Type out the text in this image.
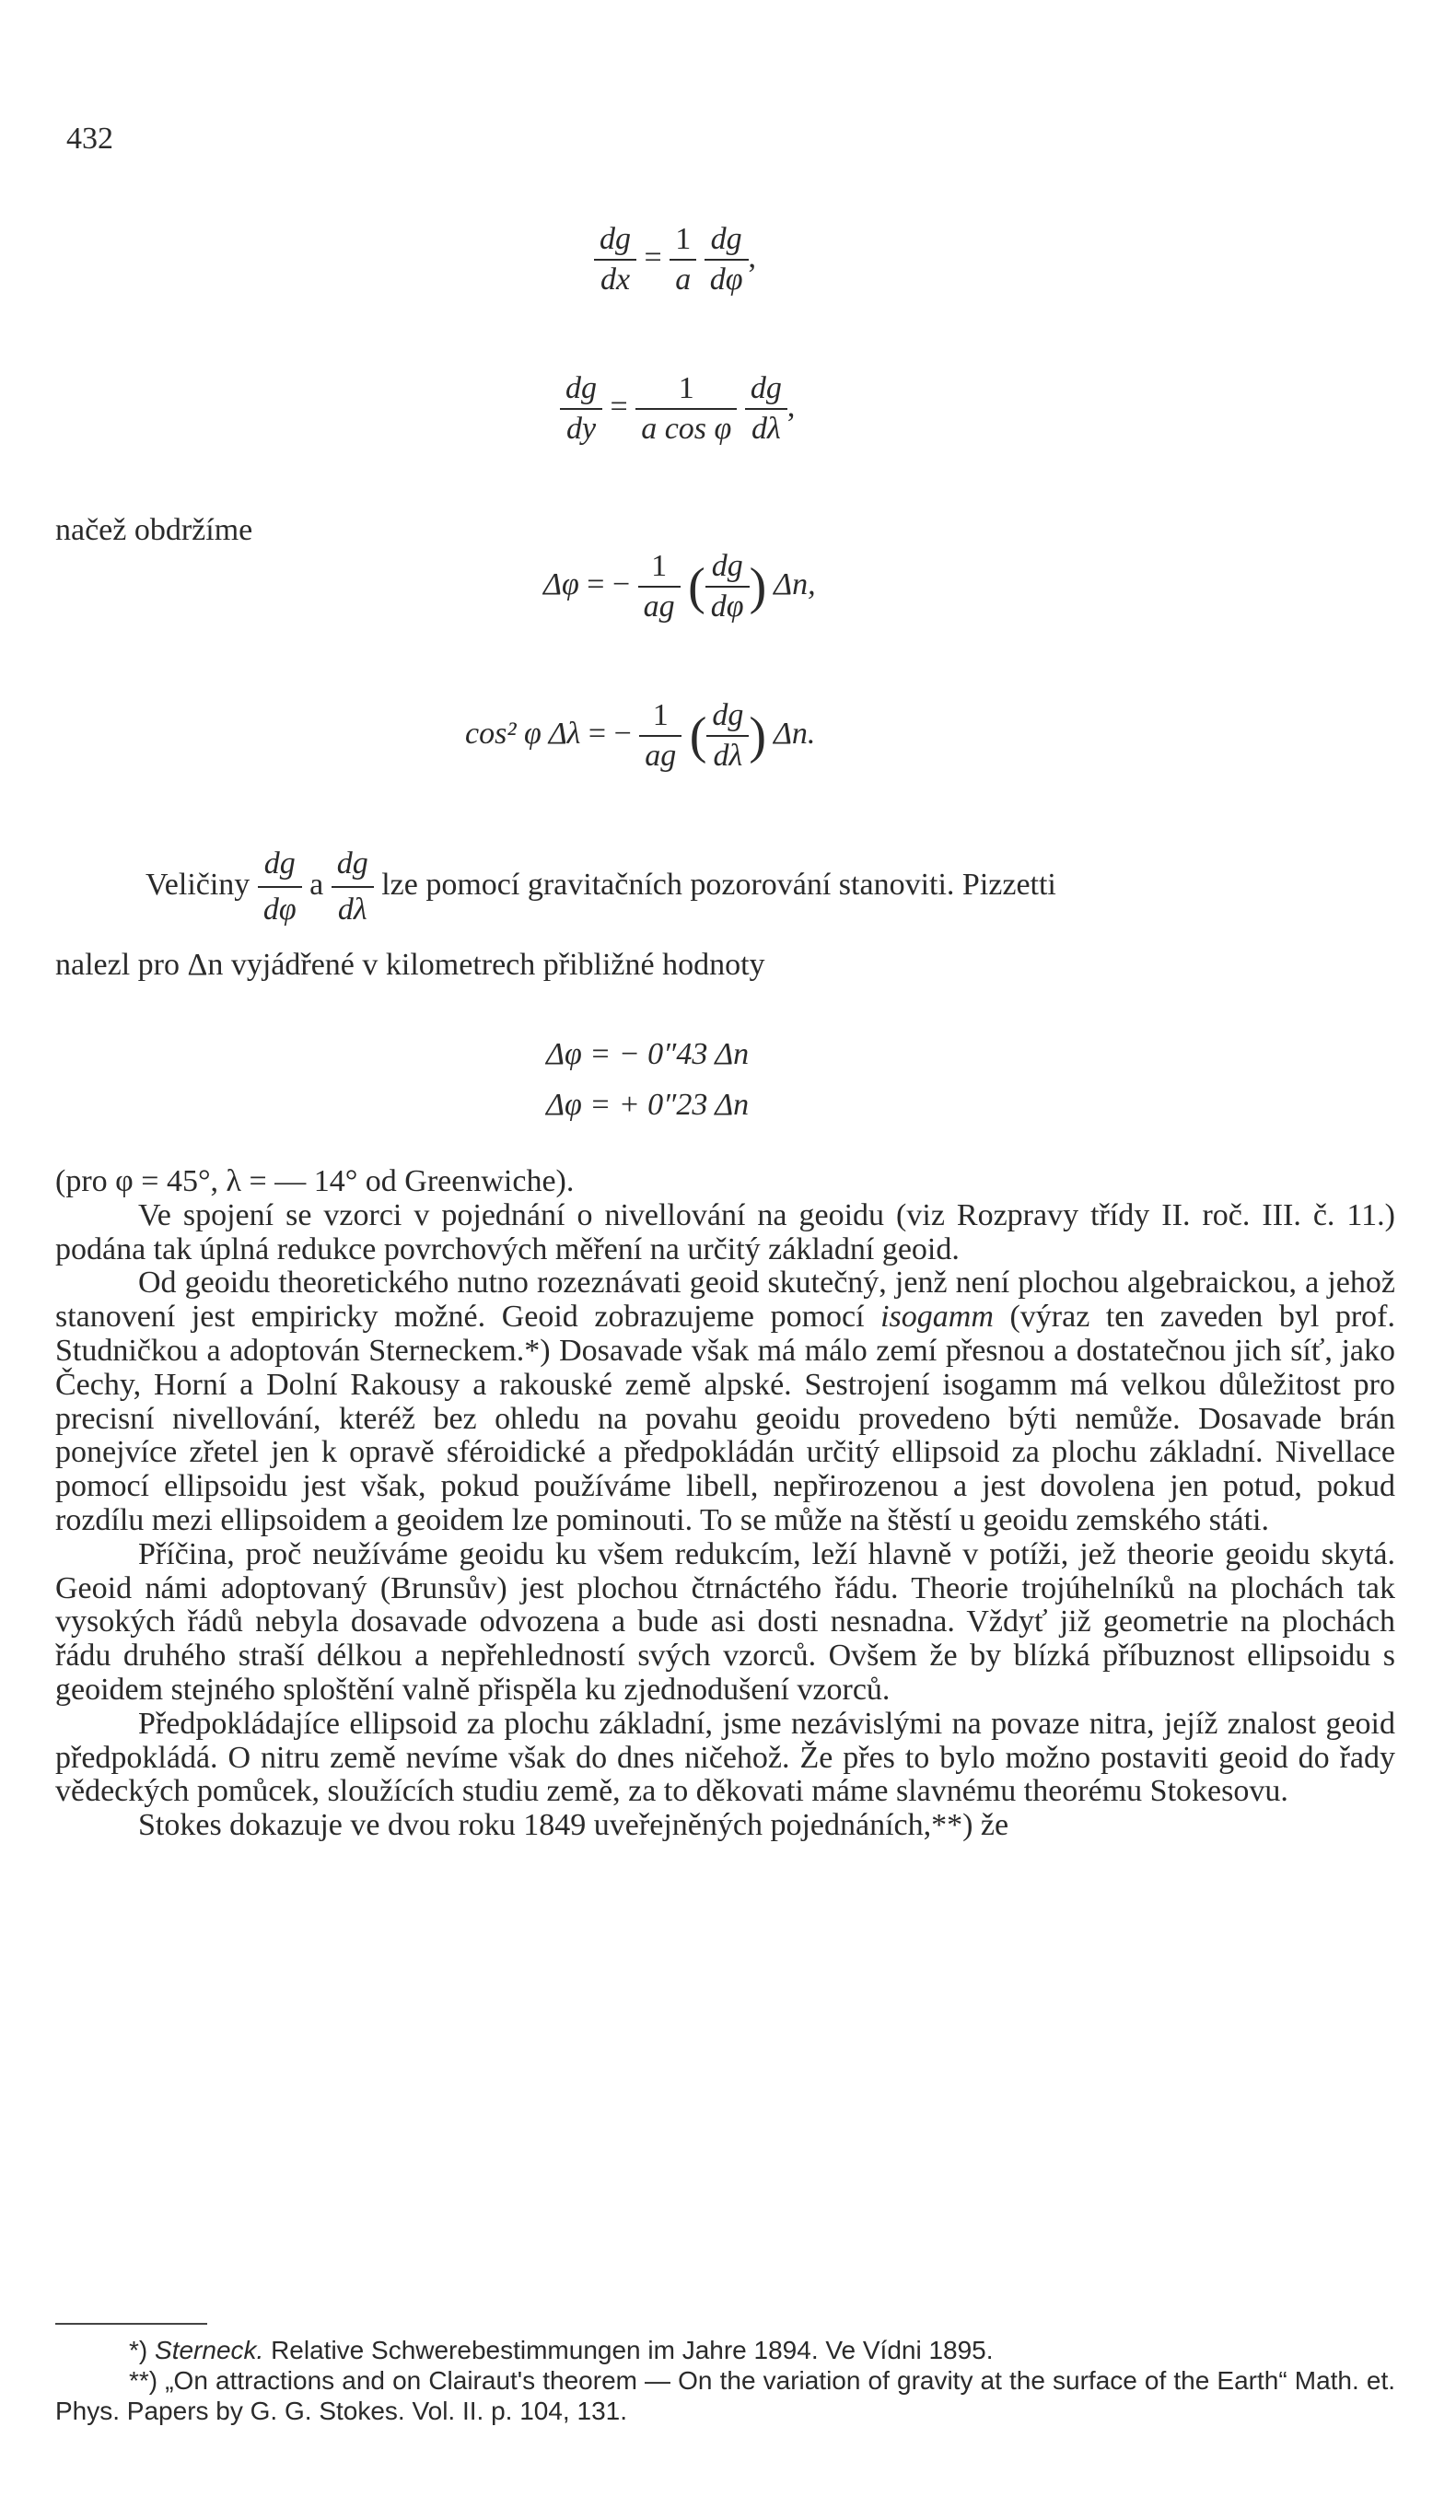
432
$\frac{dg}{dx} = \frac{1}{a}$
$\frac{dg}{d\varphi}$ ,
$\frac{dg}{dy} = \frac{1}{\text{a cos φ}}$
$\frac{dg}{d\lambda}$ ,
načež obdržíme
Δφ = − $\frac{1}{ag}$ ( $\frac{dg}{d\varphi}$ ) Δn,
cos² φ Δλ = − $\frac{1}{ag}$ ( $\frac{dg}{d\lambda}$ ) Δn.
Veličiny $\frac{dg}{d\varphi}$ a $\frac{dg}{d\lambda}$ lze pomocí gravitačních pozorování stanoviti. Pizzetti
nalezl pro Δn vyjádřené v kilometrech přibližné hodnoty
Δφ = − 0″43 Δn
Δφ = + 0″23 Δn

(pro φ = 45°, λ = — 14° od Greenwiche).

Ve spojení se vzorci v pojednání o nivellování na geoidu (viz Rozpravy třídy II. roč. III. č. 11.) podána tak úplná redukce povrchových měření na určitý základní geoid.

Od geoidu theoretického nutno rozeznávati geoid skutečný, jenž není plochou algebraickou, a jehož stanovení jest empiricky možné. Geoid zobrazujeme pomocí isogamm (výraz ten zaveden byl prof. Studničkou a adoptován Sterneckem.*) Dosavade však má málo zemí přesnou a dostatečnou jich síť, jako Čechy, Horní a Dolní Rakousy a rakouské země alpské. Sestrojení isogamm má velkou důležitost pro precisní nivellování, kteréž bez ohledu na povahu geoidu provedeno býti nemůže. Dosavade brán ponejvíce zřetel jen k opravě sféroidické a předpokládán určitý ellipsoid za plochu základní. Nivellace pomocí ellipsoidu jest však, pokud používáme libell, nepřirozenou a jest dovolena jen potud, pokud rozdílu mezi ellipsoidem a geoidem lze pominouti. To se může na štěstí u geoidu zemského státi.

Příčina, proč neužíváme geoidu ku všem redukcím, leží hlavně v potíži, jež theorie geoidu skytá. Geoid námi adoptovaný (Brunsův) jest plochou čtrnáctého řádu. Theorie trojúhelníků na plochách tak vysokých řádů nebyla dosavade odvozena a bude asi dosti nesnadna. Vždyť již geometrie na plochách řádu druhého straší délkou a nepřehledností svých vzorců. Ovšem že by blízká příbuznost ellipsoidu s geoidem stejného sploštění valně přispěla ku zjednodušení vzorců.

Předpokládajíce ellipsoid za plochu základní, jsme nezávislými na povaze nitra, jejíž znalost geoid předpokládá. O nitru země nevíme však do dnes ničehož. Že přes to bylo možno postaviti geoid do řady vědeckých pomůcek, sloužících studiu země, za to děkovati máme slavnému theorému Stokesovu.

Stokes dokazuje ve dvou roku 1849 uveřejněných pojednáních,**) že

*) Sterneck. Relative Schwerebestimmungen im Jahre 1894. Ve Vídni 1895.

**) „On attractions and on Clairaut's theorem — On the variation of gravity at the surface of the Earth“ Math. et. Phys. Papers by G. G. Stokes. Vol. II. p. 104, 131.
